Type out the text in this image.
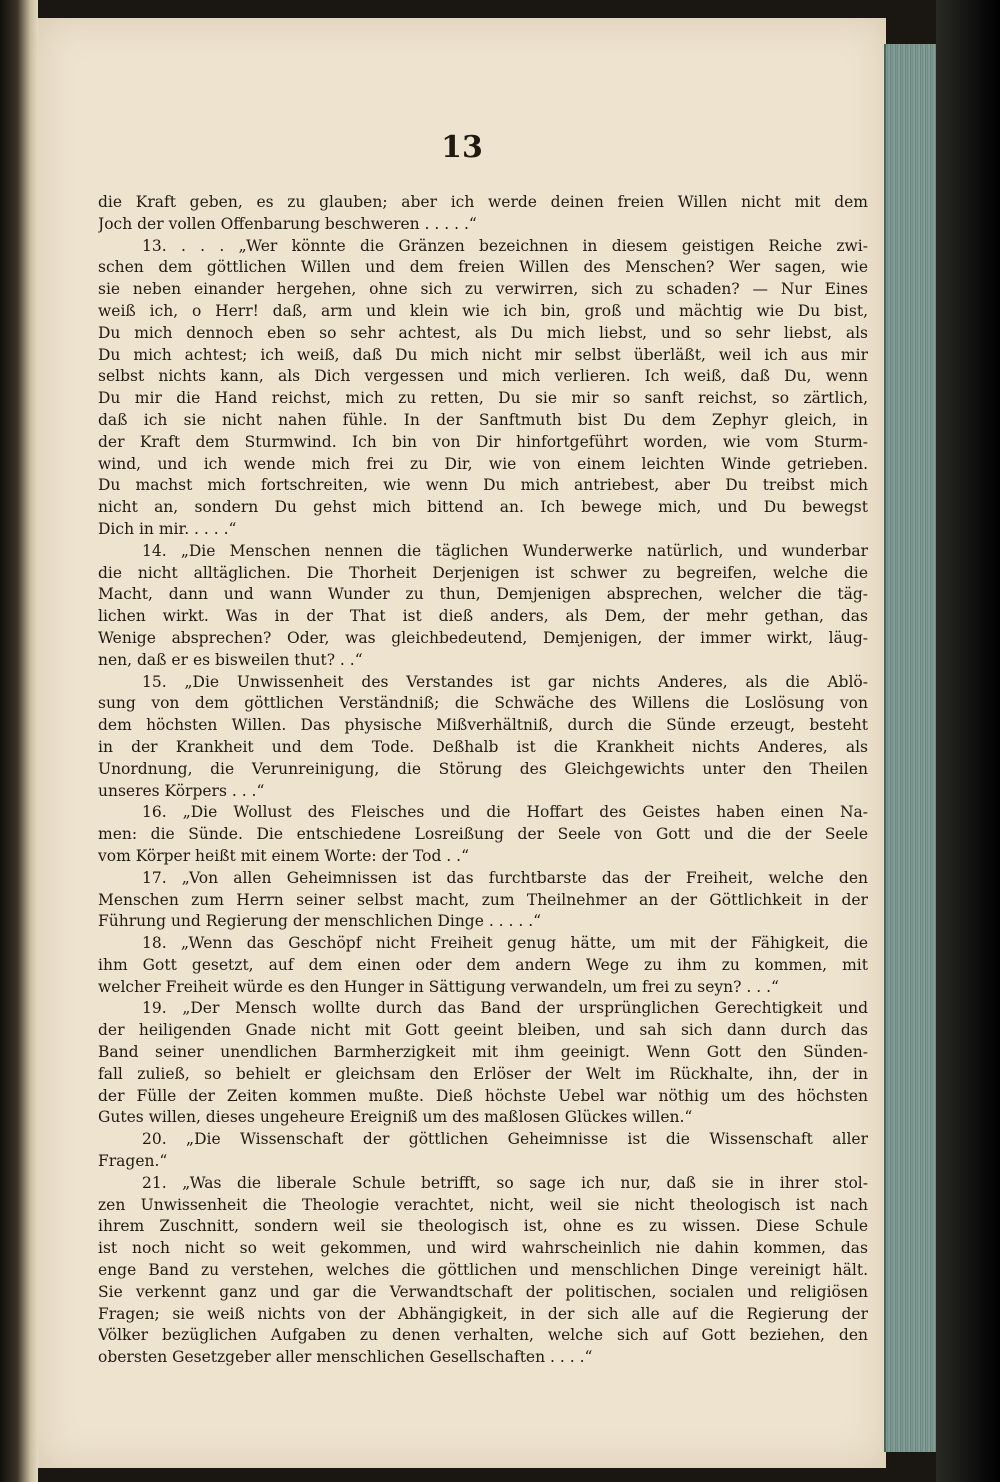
13
die Kraft geben, es zu glauben; aber ich werde deinen freien Willen nicht mit dem
Joch der vollen Offenbarung beschweren . . . . .“
13. . . . „Wer könnte die Gränzen bezeichnen in diesem geistigen Reiche zwi-
schen dem göttlichen Willen und dem freien Willen des Menschen? Wer sagen, wie
sie neben einander hergehen, ohne sich zu verwirren, sich zu schaden? — Nur Eines
weiß ich, o Herr! daß, arm und klein wie ich bin, groß und mächtig wie Du bist,
Du mich dennoch eben so sehr achtest, als Du mich liebst, und so sehr liebst, als
Du mich achtest; ich weiß, daß Du mich nicht mir selbst überläßt, weil ich aus mir
selbst nichts kann, als Dich vergessen und mich verlieren. Ich weiß, daß Du, wenn
Du mir die Hand reichst, mich zu retten, Du sie mir so sanft reichst, so zärtlich,
daß ich sie nicht nahen fühle. In der Sanftmuth bist Du dem Zephyr gleich, in
der Kraft dem Sturmwind. Ich bin von Dir hinfortgeführt worden, wie vom Sturm-
wind, und ich wende mich frei zu Dir, wie von einem leichten Winde getrieben.
Du machst mich fortschreiten, wie wenn Du mich antriebest, aber Du treibst mich
nicht an, sondern Du gehst mich bittend an. Ich bewege mich, und Du bewegst
Dich in mir. . . . .“
14. „Die Menschen nennen die täglichen Wunderwerke natürlich, und wunderbar
die nicht alltäglichen. Die Thorheit Derjenigen ist schwer zu begreifen, welche die
Macht, dann und wann Wunder zu thun, Demjenigen absprechen, welcher die täg-
lichen wirkt. Was in der That ist dieß anders, als Dem, der mehr gethan, das
Wenige absprechen? Oder, was gleichbedeutend, Demjenigen, der immer wirkt, läug-
nen, daß er es bisweilen thut? . .“
15. „Die Unwissenheit des Verstandes ist gar nichts Anderes, als die Ablö-
sung von dem göttlichen Verständniß; die Schwäche des Willens die Loslösung von
dem höchsten Willen. Das physische Mißverhältniß, durch die Sünde erzeugt, besteht
in der Krankheit und dem Tode. Deßhalb ist die Krankheit nichts Anderes, als
Unordnung, die Verunreinigung, die Störung des Gleichgewichts unter den Theilen
unseres Körpers . . .“
16. „Die Wollust des Fleisches und die Hoffart des Geistes haben einen Na-
men: die Sünde. Die entschiedene Losreißung der Seele von Gott und die der Seele
vom Körper heißt mit einem Worte: der Tod . .“
17. „Von allen Geheimnissen ist das furchtbarste das der Freiheit, welche den
Menschen zum Herrn seiner selbst macht, zum Theilnehmer an der Göttlichkeit in der
Führung und Regierung der menschlichen Dinge . . . . .“
18. „Wenn das Geschöpf nicht Freiheit genug hätte, um mit der Fähigkeit, die
ihm Gott gesetzt, auf dem einen oder dem andern Wege zu ihm zu kommen, mit
welcher Freiheit würde es den Hunger in Sättigung verwandeln, um frei zu seyn? . . .“
19. „Der Mensch wollte durch das Band der ursprünglichen Gerechtigkeit und
der heiligenden Gnade nicht mit Gott geeint bleiben, und sah sich dann durch das
Band seiner unendlichen Barmherzigkeit mit ihm geeinigt. Wenn Gott den Sünden-
fall zuließ, so behielt er gleichsam den Erlöser der Welt im Rückhalte, ihn, der in
der Fülle der Zeiten kommen mußte. Dieß höchste Uebel war nöthig um des höchsten
Gutes willen, dieses ungeheure Ereigniß um des maßlosen Glückes willen.“
20. „Die Wissenschaft der göttlichen Geheimnisse ist die Wissenschaft aller
Fragen.“
21. „Was die liberale Schule betrifft, so sage ich nur, daß sie in ihrer stol-
zen Unwissenheit die Theologie verachtet, nicht, weil sie nicht theologisch ist nach
ihrem Zuschnitt, sondern weil sie theologisch ist, ohne es zu wissen. Diese Schule
ist noch nicht so weit gekommen, und wird wahrscheinlich nie dahin kommen, das
enge Band zu verstehen, welches die göttlichen und menschlichen Dinge vereinigt hält.
Sie verkennt ganz und gar die Verwandtschaft der politischen, socialen und religiösen
Fragen; sie weiß nichts von der Abhängigkeit, in der sich alle auf die Regierung der
Völker bezüglichen Aufgaben zu denen verhalten, welche sich auf Gott beziehen, den
obersten Gesetzgeber aller menschlichen Gesellschaften . . . .“
